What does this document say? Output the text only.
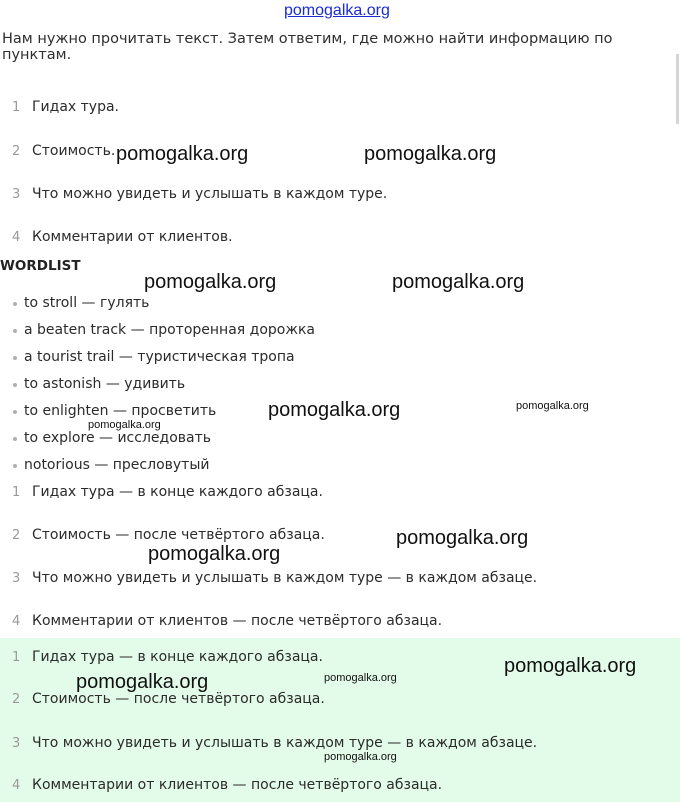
pomogalka.org
Нам нужно прочитать текст. Затем ответим, где можно найти информацию по пунктам.
1 Гидах тура.
2 Стоимость.
3 Что можно увидеть и услышать в каждом туре.
4 Комментарии от клиентов.
WORDLIST
to stroll — гулять
a beaten track — проторенная дорожка
a tourist trail — туристическая тропа
to astonish — удивить
to enlighten — просветить
to explore — исследовать
notorious — пресловутый
1 Гидах тура — в конце каждого абзаца.
2 Стоимость — после четвёртого абзаца.
3 Что можно увидеть и услышать в каждом туре — в каждом абзаце.
4 Комментарии от клиентов — после четвёртого абзаца.
1 Гидах тура — в конце каждого абзаца.
2 Стоимость — после четвёртого абзаца.
3 Что можно увидеть и услышать в каждом туре — в каждом абзаце.
4 Комментарии от клиентов — после четвёртого абзаца.
pomogalka.org	pomogalka.org
pomogalka.org	pomogalka.org
pomogalka.org	pomogalka.org
pomogalka.org
pomogalka.org
pomogalka.org
pomogalka.org
pomogalka.org	pomogalka.org
pomogalka.org
